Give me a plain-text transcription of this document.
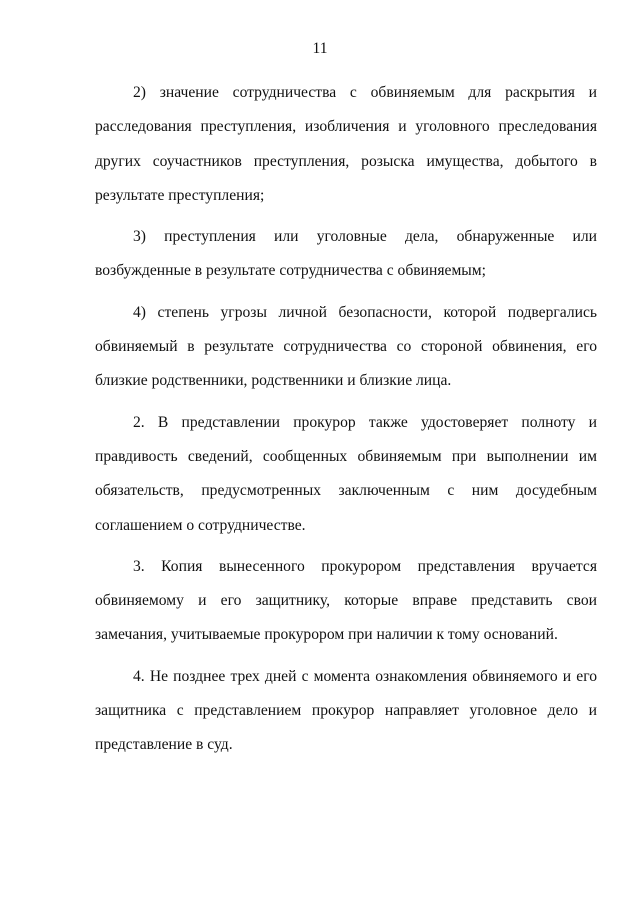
11

2) значение сотрудничества с обвиняемым для раскрытия и расследования преступления, изобличения и уголовного преследования других соучастников преступления, розыска имущества, добытого в результате преступления;

3) преступления или уголовные дела, обнаруженные или возбужденные в результате сотрудничества с обвиняемым;

4) степень угрозы личной безопасности, которой подвергались обвиняемый в результате сотрудничества со стороной обвинения, его близкие родственники, родственники и близкие лица.

2. В представлении прокурор также удостоверяет полноту и правдивость сведений, сообщенных обвиняемым при выполнении им обязательств, предусмотренных заключенным с ним досудебным соглашением о сотрудничестве.

3. Копия вынесенного прокурором представления вручается обвиняемому и его защитнику, которые вправе представить свои замечания, учитываемые прокурором при наличии к тому оснований.

4. Не позднее трех дней с момента ознакомления обвиняемого и его защитника с представлением прокурор направляет уголовное дело и представление в суд.
